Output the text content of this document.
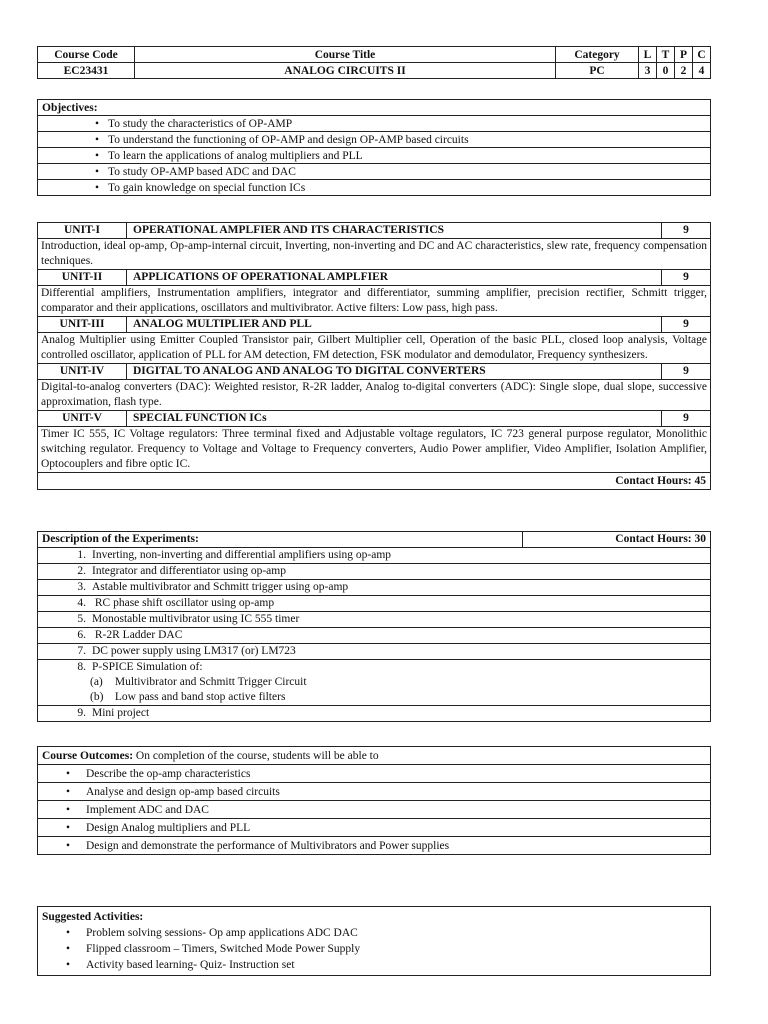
Course Code	Course Title	Category	L	T	P	C
EC23431	ANALOG CIRCUITS II	PC	3	0	2	4
Objectives:
• To study the characteristics of OP-AMP
• To understand the functioning of OP-AMP and design OP-AMP based circuits
• To learn the applications of analog multipliers and PLL
• To study OP-AMP based ADC and DAC
• To gain knowledge on special function ICs
UNIT-I	OPERATIONAL AMPLFIER AND ITS CHARACTERISTICS	9
Introduction, ideal op-amp, Op-amp-internal circuit, Inverting, non-inverting and DC and AC characteristics, slew rate, frequency compensation techniques.		
UNIT-II	APPLICATIONS OF OPERATIONAL AMPLFIER	9
Differential amplifiers, Instrumentation amplifiers, integrator and differentiator, summing amplifier, precision rectifier, Schmitt trigger, comparator and their applications, oscillators and multivibrator. Active filters: Low pass, high pass.		
UNIT-III	ANALOG MULTIPLIER AND PLL	9
Analog Multiplier using Emitter Coupled Transistor pair, Gilbert Multiplier cell, Operation of the basic PLL, closed loop analysis, Voltage controlled oscillator, application of PLL for AM detection, FM detection, FSK modulator and demodulator, Frequency synthesizers.		
UNIT-IV	DIGITAL TO ANALOG AND ANALOG TO DIGITAL CONVERTERS	9
Digital-to-analog converters (DAC): Weighted resistor, R-2R ladder, Analog to-digital converters (ADC): Single slope, dual slope, successive approximation, flash type.		
UNIT-V	SPECIAL FUNCTION ICs	9
Timer IC 555, IC Voltage regulators: Three terminal fixed and Adjustable voltage regulators, IC 723 general purpose regulator, Monolithic switching regulator. Frequency to Voltage and Voltage to Frequency converters, Audio Power amplifier, Video Amplifier, Isolation Amplifier, Optocouplers and fibre optic IC.		
Contact Hours: 45		
Description of the Experiments:	Contact Hours: 30
1. Inverting, non-inverting and differential amplifiers using op-amp
2. Integrator and differentiator using op-amp
3. Astable multivibrator and Schmitt trigger using op-amp
4. RC phase shift oscillator using op-amp
5. Monostable multivibrator using IC 555 timer
6. R-2R Ladder DAC
7. DC power supply using LM317 (or) LM723

8. P-SPICE Simulation of:
(a) Multivibrator and Schmitt Trigger Circuit
(b) Low pass and band stop active filters

9. Mini project
Course Outcomes: On completion of the course, students will be able to
• Describe the op-amp characteristics
• Analyse and design op-amp based circuits
• Implement ADC and DAC
• Design Analog multipliers and PLL
• Design and demonstrate the performance of Multivibrators and Power supplies
Suggested Activities:
• Problem solving sessions- Op amp applications ADC DAC
• Flipped classroom – Timers, Switched Mode Power Supply
• Activity based learning- Quiz- Instruction set
